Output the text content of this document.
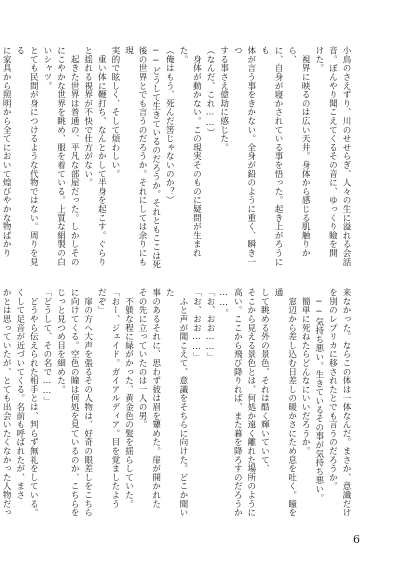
小鳥のさえずり、川のせせらぎ、人々の生に溢れる会話
音。ぼんやり聞こえてくるその音に、ゆっくり瞼を開
けた。
　視界に映るのは広い天井。身体から感じる肌触りから、
に、自身が寝かされている事を悟った。起き上がろうにも
体が言う事をきかない。全身が鉛のように重く、瞬き一つ
する事さえ億劫に感じた。
（なんだ、これ……）
　身体が動かない。この現実そのものに疑問が生まれた。
（俺はもう、死んだ筈じゃないのか？）
──どうして生きているのだろうか。それともここは死
後の世界とでも言うのだろうか。それにしては余りにも現
実的で眩しく、そして煩わしい。
　重い体に鞭打ち、なんとかして半身を起こす。ぐらり
と揺れる視界が不快で仕方がない。
　起きた世界は普通の、平凡な部屋だった。しかしその
にこやかな世界を眺め、服を着ている。上質な絹製の白いシャツ。
とても民間が身につけるような代物ではない。周りを見る
に家具から照明から全てにおいて煌びやかな物ばかり
来なかった。ならこの体は一体なんだ。まさか、意識だけ
を別のレプリカに移されたとでも言うのだろうか。
　──気持ち悪い。生きているその事が気持ち悪い。
　簡単に死ねたらどんなにいいだろうか。
　窓辺から差し込む日差しの暖かさにため息を吐く。瞳を通
して眺める外の景色、それは酷く輝いていて、
そこから見える景色とは、何処か遠く離れた場所のように
高い。ここから飛び降りれば、また暮を降ろすのだろうか
……。
「お、おお……」
「お、おお……」
　ふと声が聞こえて、意識をそちらに向けた。どこか聞いた
事のあるそれに、思わず彼は眉を顰めた。扉が開かれた
その先に立っていたのは一人の男。
　不躾な程に緑がかった、黄金色の髪を揺らしていた。
「おー、ジェイド。ガイアルディア。目を覚ましたよう
だぞ」
　扉の方へ大声を張るその人物は、好奇の眼差しをこちら
に向けてくる。空色の瞳は何処を見ているのか、こちらを
じっと見つめ目を細めた。
「どうして、その名で……」
　どうやら伝えられた相手とは、判らず無礼をしている。
くして足音が近づいてくる。名前も呼ばれたが、まさ
かとは思っていたが、とても出会いたくなかった人物だっ
6
